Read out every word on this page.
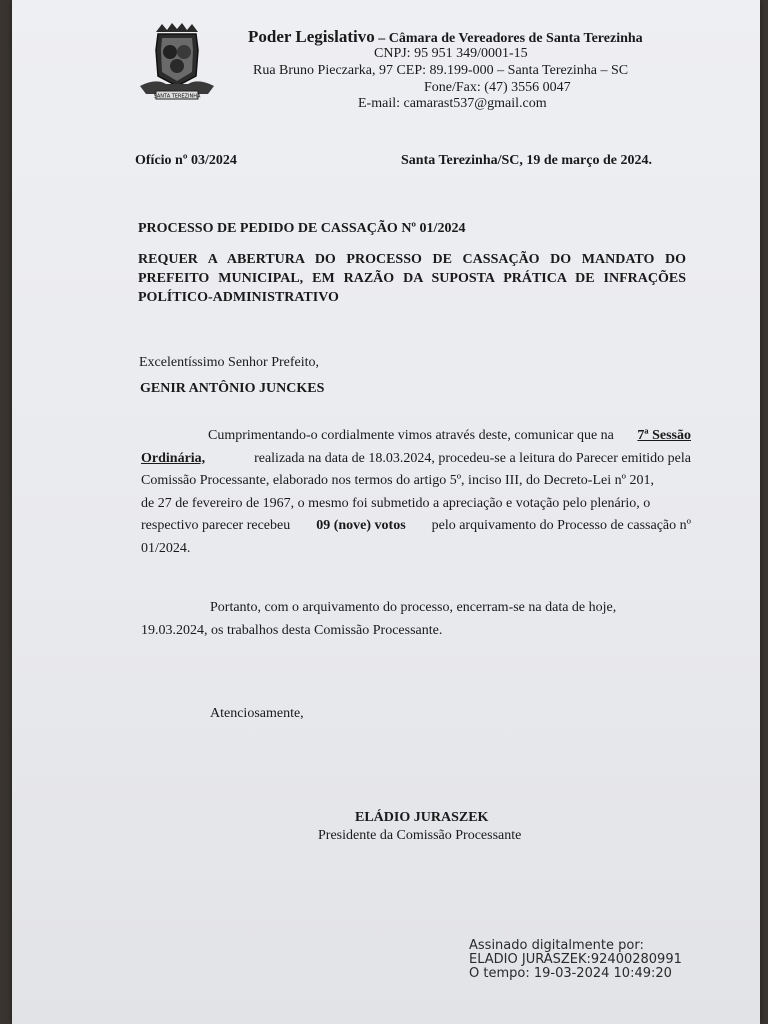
SANTA TEREZINHA
Poder Legislativo – Câmara de Vereadores de Santa Terezinha
CNPJ: 95 951 349/0001-15
Rua Bruno Pieczarka, 97 CEP: 89.199-000 – Santa Terezinha – SC
Fone/Fax: (47) 3556 0047
E-mail: camarast537@gmail.com
Ofício nº 03/2024	Santa Terezinha/SC, 19 de março de 2024.
PROCESSO DE PEDIDO DE CASSAÇÃO Nº 01/2024
REQUER A ABERTURA DO PROCESSO DE CASSAÇÃO DO MANDATO DO
PREFEITO MUNICIPAL, EM RAZÃO DA SUPOSTA PRÁTICA DE INFRAÇÕES
POLÍTICO-ADMINISTRATIVO
Excelentíssimo Senhor Prefeito,
GENIR ANTÔNIO JUNCKES
Cumprimentando-o cordialmente vimos através deste, comunicar que na 7ª Sessão
Ordinária,	realizada na data de 18.03.2024, procedeu-se a leitura do Parecer emitido pela
Comissão Processante, elaborado nos termos do artigo 5º, inciso III, do Decreto-Lei nº 201,
de 27 de fevereiro de 1967, o mesmo foi submetido a apreciação e votação pelo plenário, o
respectivo parecer recebeu 09 (nove) votos pelo arquivamento do Processo de cassação nº
01/2024.
Portanto, com o arquivamento do processo, encerram-se na data de hoje,
19.03.2024, os trabalhos desta Comissão Processante.
Atenciosamente,
ELÁDIO JURASZEK
Presidente da Comissão Processante
Assinado digitalmente por:
ELADIO JURASZEK:92400280991
O tempo: 19-03-2024 10:49:20
